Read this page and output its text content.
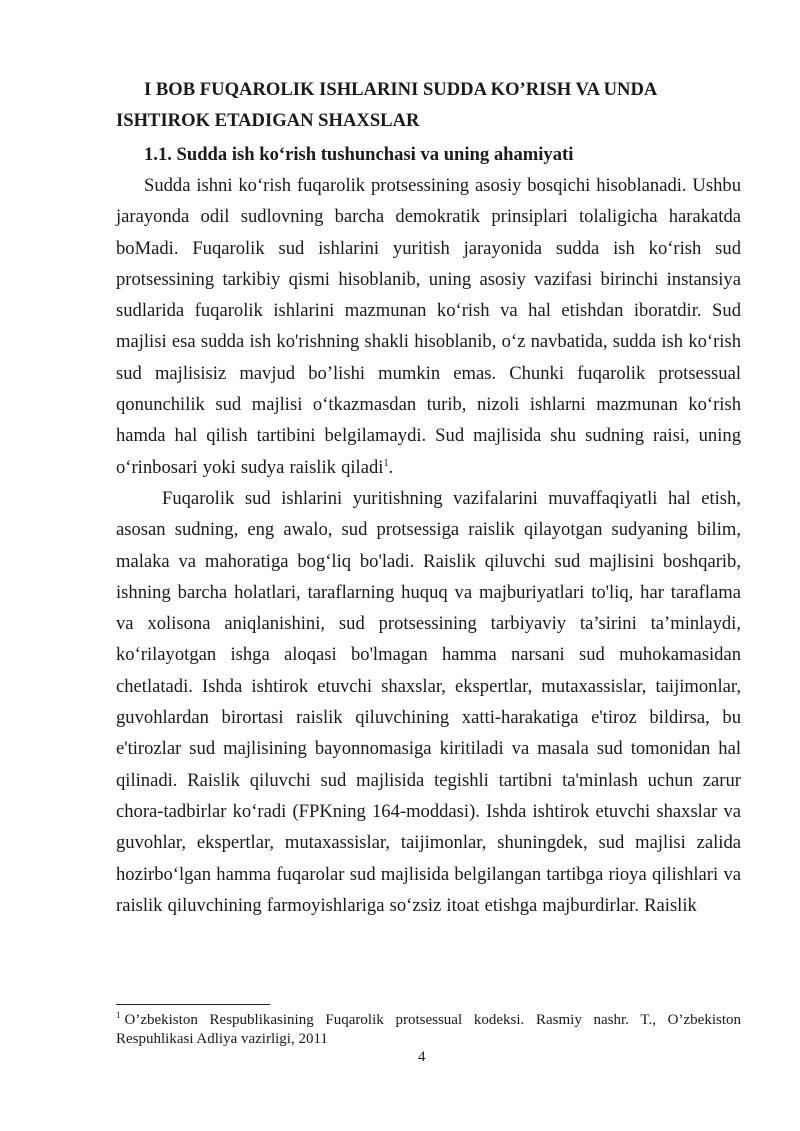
I BOB FUQAROLIK ISHLARINI SUDDA KO’RISH VA UNDA ISHTIROK ETADIGAN SHAXSLAR
1.1. Sudda ish ko‘rish tushunchasi va uning ahamiyati

Sudda ishni ko‘rish fuqarolik protsessining asosiy bosqichi hisoblanadi. Ushbu jarayonda odil sudlovning barcha demokratik prinsiplari tolaligicha harakatda boMadi. Fuqarolik sud ishlarini yuritish jarayonida sudda ish ko‘rish sud protsessining tarkibiy qismi hisoblanib, uning asosiy vazifasi birinchi instansiya sudlarida fuqarolik ishlarini mazmunan ko‘rish va hal etishdan iboratdir. Sud majlisi esa sudda ish ko'rishning shakli hisoblanib, o‘z navbatida, sudda ish ko‘rish sud majlisisiz mavjud bo’lishi mumkin emas. Chunki fuqarolik protsessual qonunchilik sud majlisi o‘tkazmasdan turib, nizoli ishlarni mazmunan ko‘rish hamda hal qilish tartibini belgilamaydi. Sud majlisida shu sudning raisi, uning o‘rinbosari yoki sudya raislik qiladi$^1$.

Fuqarolik sud ishlarini yuritishning vazifalarini muvaffaqiyatli hal etish, asosan sudning, eng awalo, sud protsessiga raislik qilayotgan sudyaning bilim, malaka va mahoratiga bog‘liq bo'ladi. Raislik qiluvchi sud majlisini boshqarib, ishning barcha holatlari, taraflarning huquq va majburiyatlari to'liq, har taraflama va xolisona aniqlanishini, sud protsessining tarbiyaviy ta’sirini ta’minlaydi, ko‘rilayotgan ishga aloqasi bo'lmagan hamma narsani sud muhokamasidan chetlatadi. Ishda ishtirok etuvchi shaxslar, ekspertlar, mutaxassislar, taijimonlar, guvohlardan birortasi raislik qiluvchining xatti-harakatiga e'tiroz bildirsa, bu e'tirozlar sud majlisining bayonnomasiga kiritiladi va masala sud tomonidan hal qilinadi. Raislik qiluvchi sud majlisida tegishli tartibni ta'minlash uchun zarur chora-tadbirlar ko‘radi (FPKning 164-moddasi). Ishda ishtirok etuvchi shaxslar va guvohlar, ekspertlar, mutaxassislar, taijimonlar, shuningdek, sud majlisi zalida hozirbo‘lgan hamma fuqarolar sud majlisida belgilangan tartibga rioya qilishlari va raislik qiluvchining farmoyishlariga so‘zsiz itoat etishga majburdirlar. Raislik

$^1$ O’zbekiston Respublikasining Fuqarolik protsessual kodeksi. Rasmiy nashr. T., O’zbekiston Respuhlikasi Adliya vazirligi, 2011

4
